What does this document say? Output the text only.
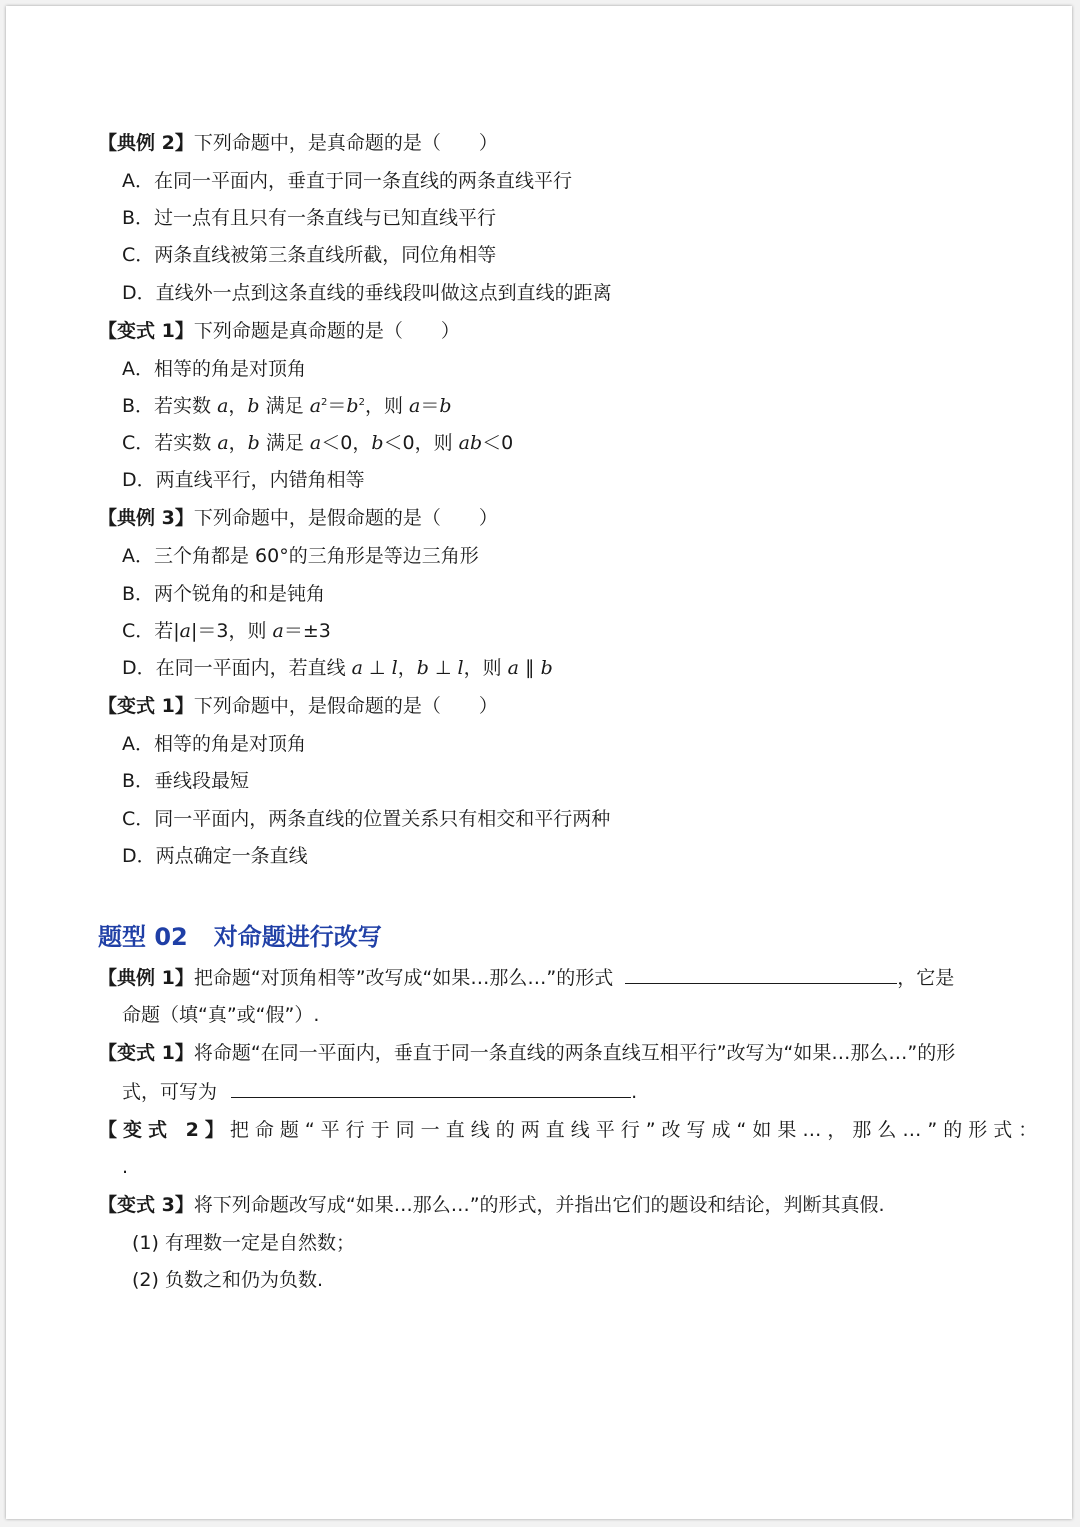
【典例 2】下列命题中，是真命题的是（　　）
A．在同一平面内，垂直于同一条直线的两条直线平行
B．过一点有且只有一条直线与已知直线平行
C．两条直线被第三条直线所截，同位角相等
D．直线外一点到这条直线的垂线段叫做这点到直线的距离
【变式 1】下列命题是真命题的是（　　）
A．相等的角是对顶角
B．若实数 a，b 满足 $a^2=b^2$，则 a＝b
C．若实数 a，b 满足 a＜0，b＜0，则 ab＜0
D．两直线平行，内错角相等
【典例 3】下列命题中，是假命题的是（　　）
A．三个角都是 60°的三角形是等边三角形
B．两个锐角的和是钝角
C．若|a|＝3，则 a＝±3
D．在同一平面内，若直线 a ⊥ l，b ⊥ l，则 a ∥ b
【变式 1】下列命题中，是假命题的是（　　）
A．相等的角是对顶角
B．垂线段最短
C．同一平面内，两条直线的位置关系只有相交和平行两种
D．两点确定一条直线
题型 02 对命题进行改写
【典例 1】把命题“对顶角相等”改写成“如果…那么…”的形式	，它是
命题（填“真”或“假”）.
【变式 1】将命题“在同一平面内，垂直于同一条直线的两条直线互相平行”改写为“如果…那么…”的形
式，可写为	.
【变式 2】把命题“平行于同一直线的两直线平行”改写成“如果…，那么…”的形式：
.
【变式 3】将下列命题改写成“如果…那么…”的形式，并指出它们的题设和结论，判断其真假.
(1) 有理数一定是自然数；
(2) 负数之和仍为负数.
